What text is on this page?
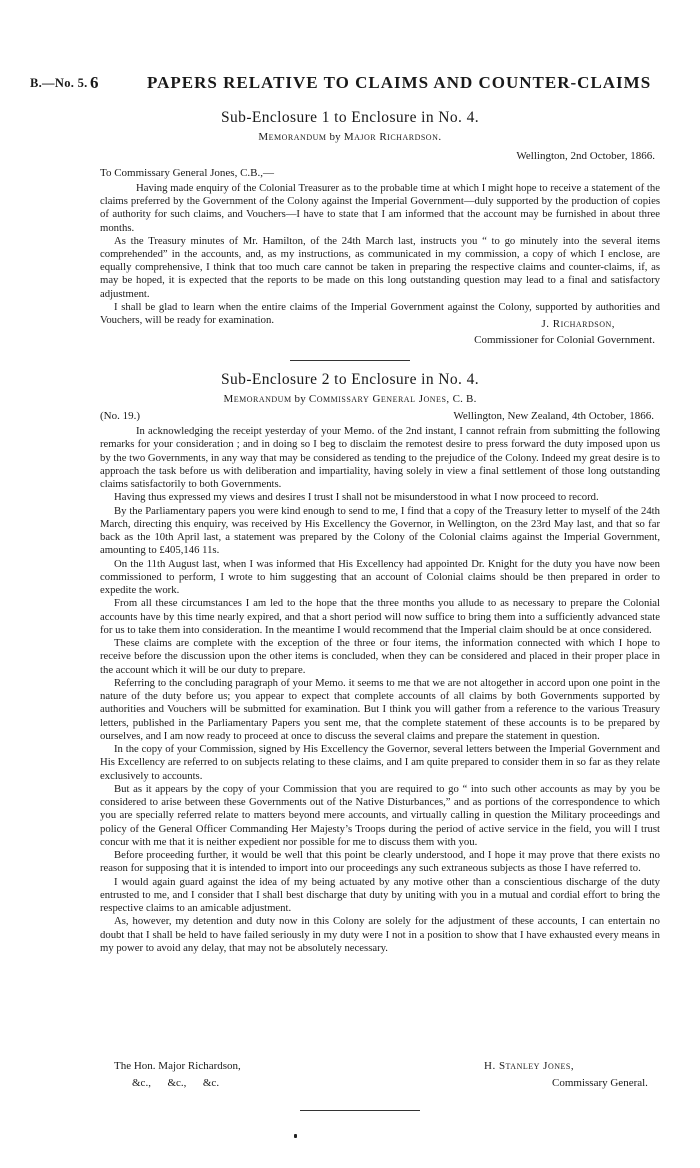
B.—No. 5. 6	PAPERS RELATIVE TO CLAIMS AND COUNTER-CLAIMS
Sub-Enclosure 1 to Enclosure in No. 4.
Memorandum by Major Richardson.
Wellington, 2nd October, 1866.
To Commissary General Jones, C.B.,—

Having made enquiry of the Colonial Treasurer as to the probable time at which I might hope to receive a statement of the claims preferred by the Government of the Colony against the Imperial Government—duly supported by the production of copies of authority for such claims, and Vouchers—I have to state that I am informed that the account may be furnished in about three months.

As the Treasury minutes of Mr. Hamilton, of the 24th March last, instructs you “ to go minutely into the several items comprehended” in the accounts, and, as my instructions, as communicated in my commission, a copy of which I enclose, are equally comprehensive, I think that too much care cannot be taken in preparing the respective claims and counter-claims, if, as may be hoped, it is expected that the reports to be made on this long outstanding question may lead to a final and satisfactory adjustment.

I shall be glad to learn when the entire claims of the Imperial Government against the Colony, supported by authorities and Vouchers, will be ready for examination.	J. Richardson,
Commissioner for Colonial Government.
Sub-Enclosure 2 to Enclosure in No. 4.
Memorandum by Commissary General Jones, C. B.
(No. 19.)	Wellington, New Zealand, 4th October, 1866.

In acknowledging the receipt yesterday of your Memo. of the 2nd instant, I cannot refrain from submitting the following remarks for your consideration ; and in doing so I beg to disclaim the remotest desire to press forward the duty imposed upon us by the two Governments, in any way that may be considered as tending to the prejudice of the Colony. Indeed my great desire is to approach the task before us with deliberation and impartiality, having solely in view a final settlement of those long outstanding claims satisfactorily to both Governments.

Having thus expressed my views and desires I trust I shall not be misunderstood in what I now proceed to record.

By the Parliamentary papers you were kind enough to send to me, I find that a copy of the Treasury letter to myself of the 24th March, directing this enquiry, was received by His Excellency the Governor, in Wellington, on the 23rd May last, and that so far back as the 10th April last, a statement was prepared by the Colony of the Colonial claims against the Imperial Government, amounting to £405,146 11s.

On the 11th August last, when I was informed that His Excellency had appointed Dr. Knight for the duty you have now been commissioned to perform, I wrote to him suggesting that an account of Colonial claims should be then prepared in order to expedite the work.

From all these circumstances I am led to the hope that the three months you allude to as necessary to prepare the Colonial accounts have by this time nearly expired, and that a short period will now suffice to bring them into a sufficiently advanced state for us to take them into consideration. In the meantime I would recommend that the Imperial claim should be at once considered.

These claims are complete with the exception of the three or four items, the information connected with which I hope to receive before the discussion upon the other items is concluded, when they can be considered and placed in their proper place in the account which it will be our duty to prepare.

Referring to the concluding paragraph of your Memo. it seems to me that we are not altogether in accord upon one point in the nature of the duty before us; you appear to expect that complete accounts of all claims by both Governments supported by authorities and Vouchers will be submitted for examination. But I think you will gather from a reference to the various Treasury letters, published in the Parliamentary Papers you sent me, that the complete statement of these accounts is to be prepared by ourselves, and I am now ready to proceed at once to discuss the several claims and prepare the statement in question.

In the copy of your Commission, signed by His Excellency the Governor, several letters between the Imperial Government and His Excellency are referred to on subjects relating to these claims, and I am quite prepared to consider them in so far as they relate exclusively to accounts.

But as it appears by the copy of your Commission that you are required to go “ into such other accounts as may by you be considered to arise between these Governments out of the Native Disturbances,” and as portions of the correspondence to which you are specially referred relate to matters beyond mere accounts, and virtually calling in question the Military proceedings and policy of the General Officer Commanding Her Majesty’s Troops during the period of active service in the field, you will I trust concur with me that it is neither expedient nor possible for me to discuss them with you.

Before proceeding further, it would be well that this point be clearly understood, and I hope it may prove that there exists no reason for supposing that it is intended to import into our proceedings any such extraneous subjects as those I have referred to.

I would again guard against the idea of my being actuated by any motive other than a conscientious discharge of the duty entrusted to me, and I consider that I shall best discharge that duty by uniting with you in a mutual and cordial effort to bring the respective claims to an amicable adjustment.

As, however, my detention and duty now in this Colony are solely for the adjustment of these accounts, I can entertain no doubt that I shall be held to have failed seriously in my duty were I not in a position to show that I have exhausted every means in my power to avoid any delay, that may not be absolutely necessary.

The Hon. Major Richardson,
&c.,      &c.,      &c.
H. Stanley Jones,
Commissary General.
